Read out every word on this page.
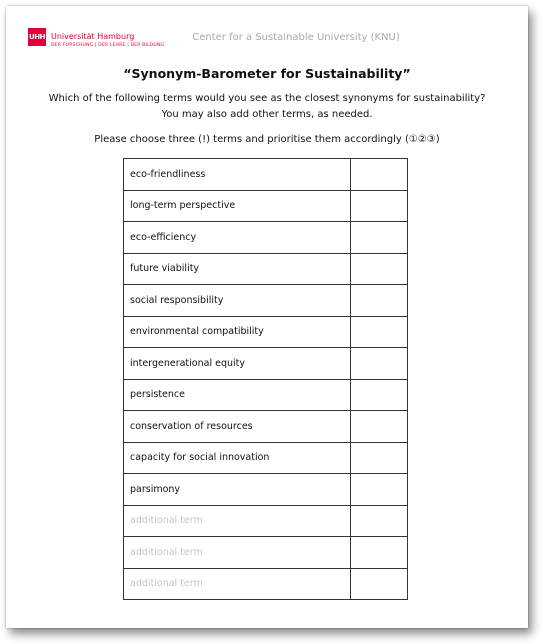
UHH Universität Hamburg
DER FORSCHUNG | DER LEHRE | DER BILDUNG
Center for a Sustainable University (KNU)
“Synonym-Barometer for Sustainability”
Which of the following terms would you see as the closest synonyms for sustainability?
You may also add other terms, as needed.
Please choose three (!) terms and prioritise them accordingly (①②③)
eco-friendliness	
long-term perspective	
eco-efficiency	
future viability	
social responsibility	
environmental compatibility	
intergenerational equity	
persistence	
conservation of resources	
capacity for social innovation	
parsimony	
additional term	
additional term	
additional term	
